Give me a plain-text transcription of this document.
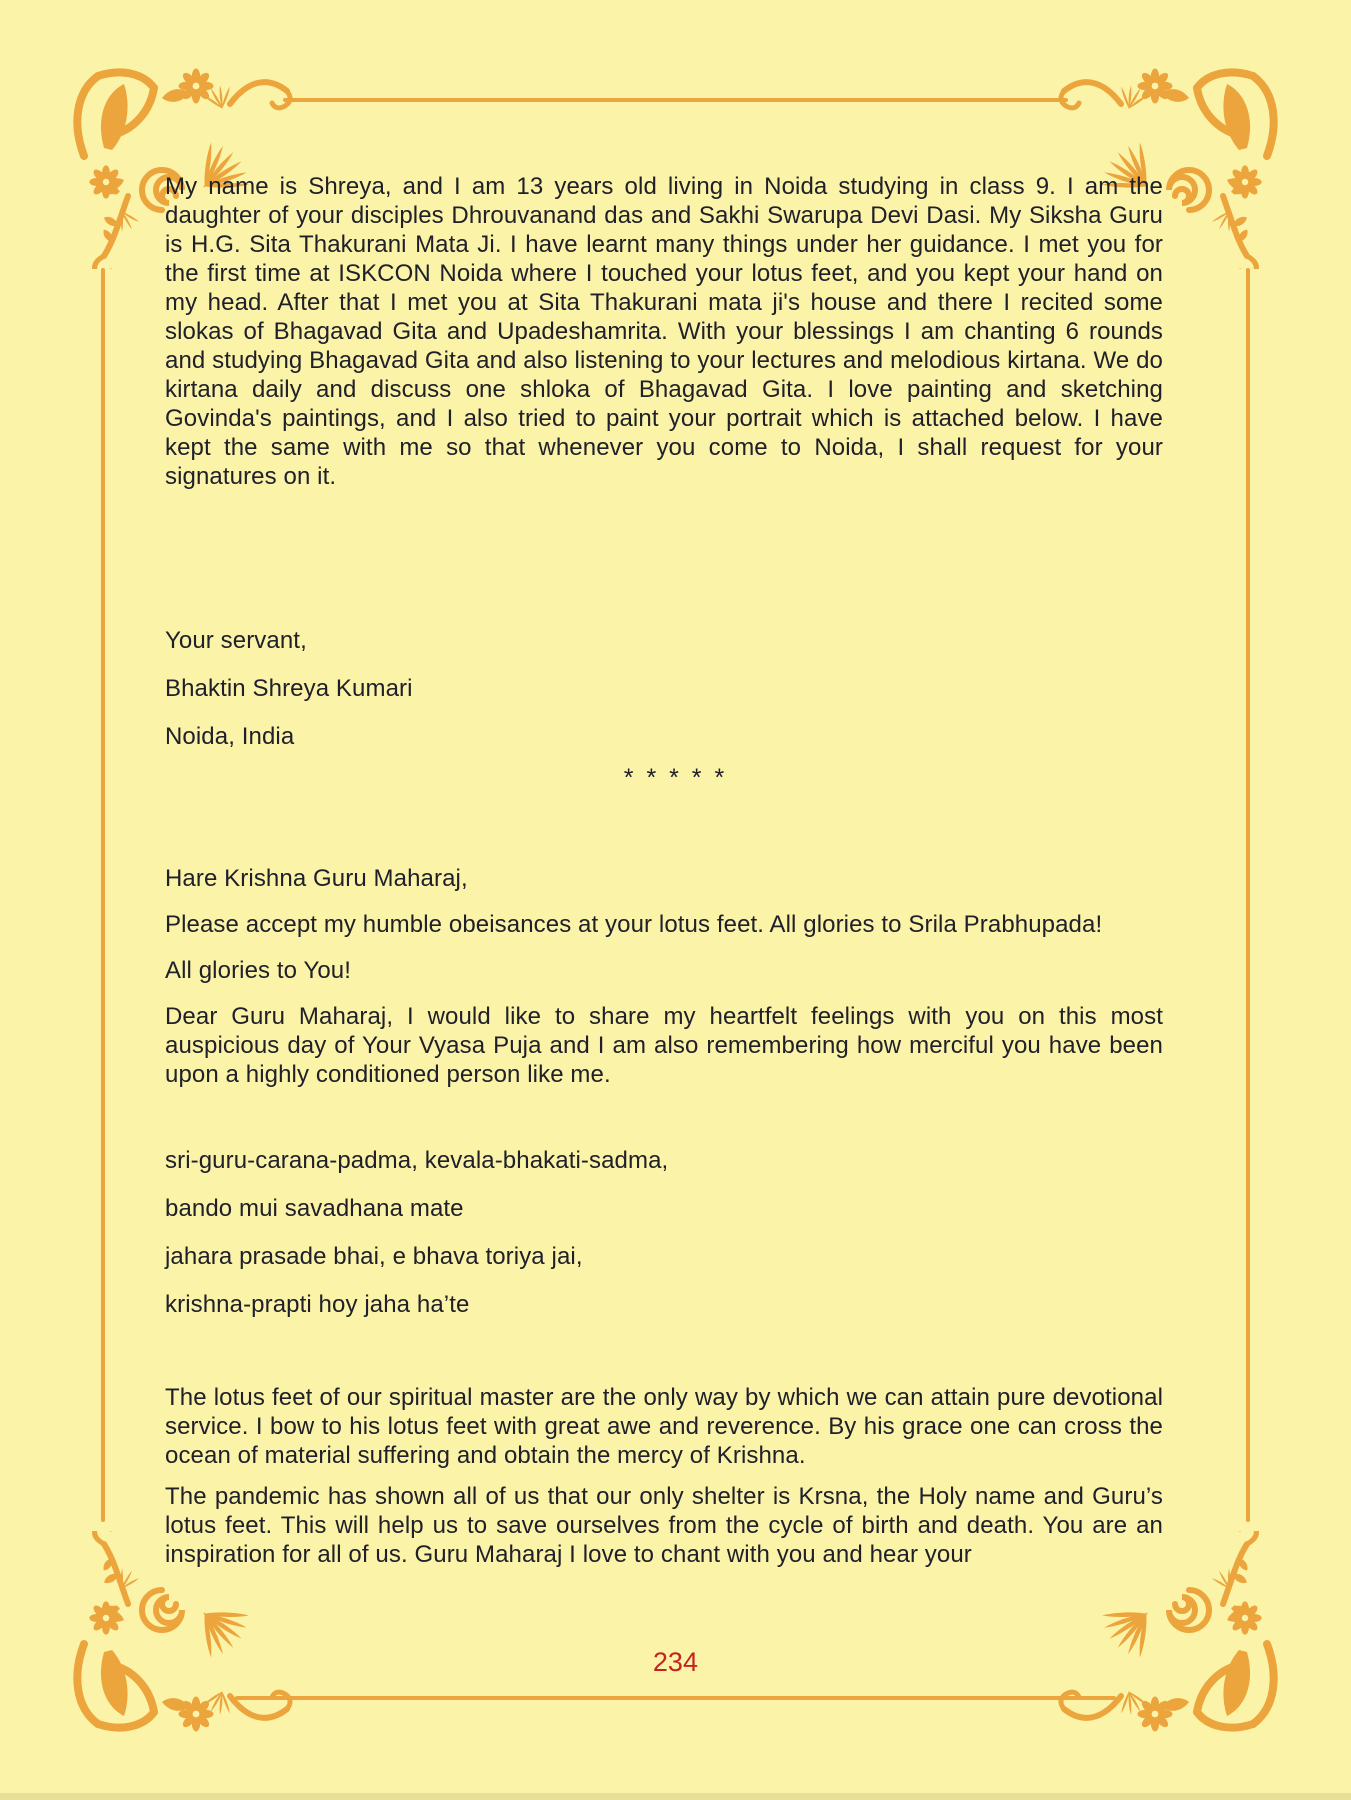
My name is Shreya, and I am 13 years old living in Noida studying in class 9. I am the daughter of your disciples Dhrouvanand das and Sakhi Swarupa Devi Dasi. My Siksha Guru is H.G. Sita Thakurani Mata Ji. I have learnt many things under her guidance. I met you for the first time at ISKCON Noida where I touched your lotus feet, and you kept your hand on my head. After that I met you at Sita Thakurani mata ji's house and there I recited some slokas of Bhagavad Gita and Upadeshamrita. With your blessings I am chanting 6 rounds and studying Bhagavad Gita and also listening to your lectures and melodious kirtana. We do kirtana daily and discuss one shloka of Bhagavad Gita. I love painting and sketching Govinda's paintings, and I also tried to paint your portrait which is attached below. I have kept the same with me so that whenever you come to Noida, I shall request for your signatures on it.
Your servant,
Bhaktin Shreya Kumari
Noida, India
* * * * *
Hare Krishna Guru Maharaj,
Please accept my humble obeisances at your lotus feet. All glories to Srila Prabhupada!
All glories to You!
Dear Guru Maharaj, I would like to share my heartfelt feelings with you on this most auspicious day of Your Vyasa Puja and I am also remembering how merciful you have been upon a highly conditioned person like me.
sri-guru-carana-padma, kevala-bhakati-sadma,
bando mui savadhana mate
jahara prasade bhai, e bhava toriya jai,
krishna-prapti hoy jaha ha’te
The lotus feet of our spiritual master are the only way by which we can attain pure devotional service. I bow to his lotus feet with great awe and reverence. By his grace one can cross the ocean of material suffering and obtain the mercy of Krishna.
The pandemic has shown all of us that our only shelter is Krsna, the Holy name and Guru’s lotus feet. This will help us to save ourselves from the cycle of birth and death. You are an inspiration for all of us. Guru Maharaj I love to chant with you and hear your
234
